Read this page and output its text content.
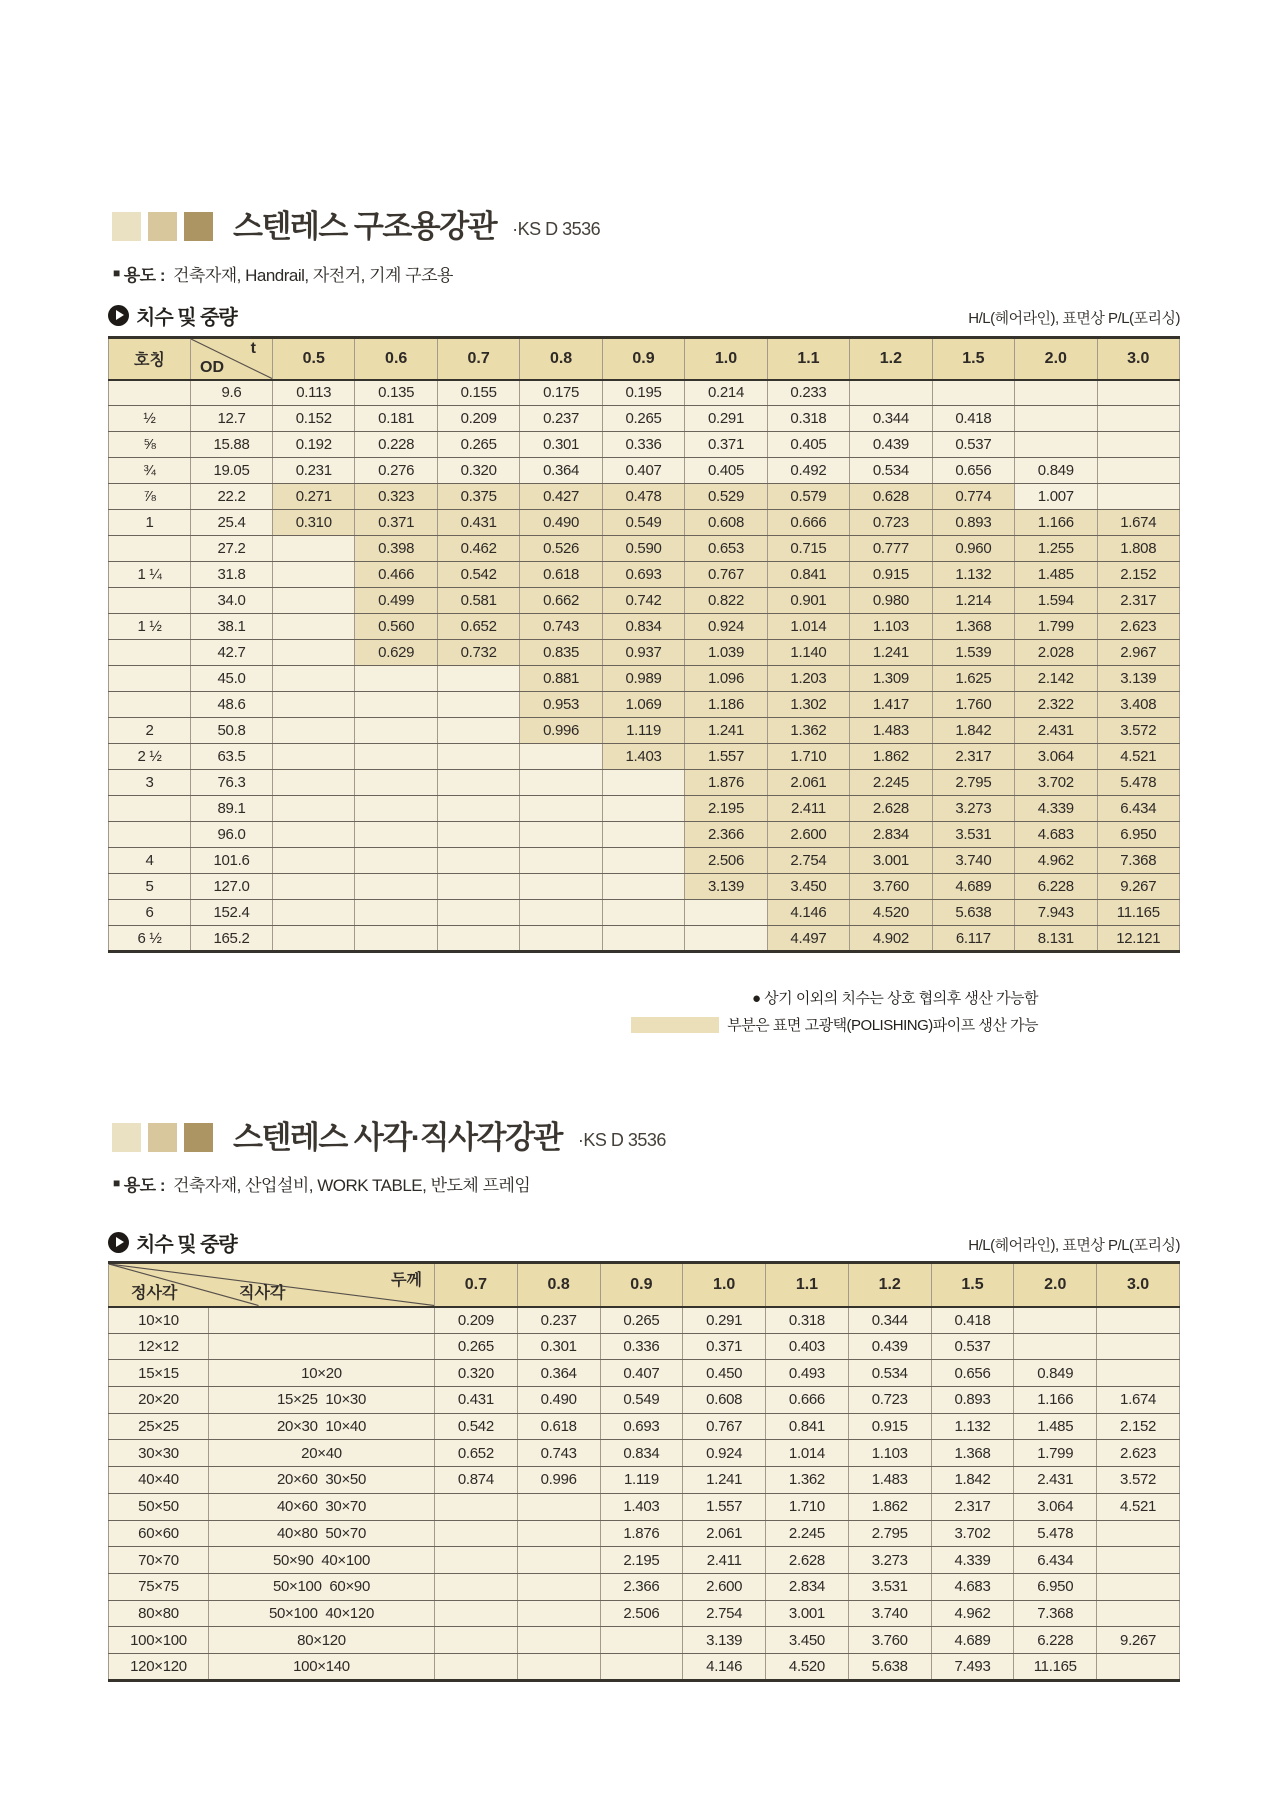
스텐레스 구조용강관 ·KS D 3536
■ 용도 : 건축자재, Handrail, 자전거, 기계 구조용
치수 및 중량	H/L(헤어라인), 표면상 P/L(포리싱)
호칭	t
OD	0.5	0.6	0.7	0.8	0.9	1.0	1.1	1.2	1.5	2.0	3.0
	9.6	0.113	0.135	0.155	0.175	0.195	0.214	0.233				
½	12.7	0.152	0.181	0.209	0.237	0.265	0.291	0.318	0.344	0.418		
⅝	15.88	0.192	0.228	0.265	0.301	0.336	0.371	0.405	0.439	0.537		
¾	19.05	0.231	0.276	0.320	0.364	0.407	0.405	0.492	0.534	0.656	0.849	
⅞	22.2	0.271	0.323	0.375	0.427	0.478	0.529	0.579	0.628	0.774	1.007	
1	25.4	0.310	0.371	0.431	0.490	0.549	0.608	0.666	0.723	0.893	1.166	1.674
	27.2		0.398	0.462	0.526	0.590	0.653	0.715	0.777	0.960	1.255	1.808
1 ¼	31.8		0.466	0.542	0.618	0.693	0.767	0.841	0.915	1.132	1.485	2.152
	34.0		0.499	0.581	0.662	0.742	0.822	0.901	0.980	1.214	1.594	2.317
1 ½	38.1		0.560	0.652	0.743	0.834	0.924	1.014	1.103	1.368	1.799	2.623
	42.7		0.629	0.732	0.835	0.937	1.039	1.140	1.241	1.539	2.028	2.967
	45.0				0.881	0.989	1.096	1.203	1.309	1.625	2.142	3.139
	48.6				0.953	1.069	1.186	1.302	1.417	1.760	2.322	3.408
2	50.8				0.996	1.119	1.241	1.362	1.483	1.842	2.431	3.572
2 ½	63.5					1.403	1.557	1.710	1.862	2.317	3.064	4.521
3	76.3						1.876	2.061	2.245	2.795	3.702	5.478
	89.1						2.195	2.411	2.628	3.273	4.339	6.434
	96.0						2.366	2.600	2.834	3.531	4.683	6.950
4	101.6						2.506	2.754	3.001	3.740	4.962	7.368
5	127.0						3.139	3.450	3.760	4.689	6.228	9.267
6	152.4							4.146	4.520	5.638	7.943	11.165
6 ½	165.2							4.497	4.902	6.117	8.131	12.121
● 상기 이외의 치수는 상호 협의후 생산 가능함
부분은 표면 고광택(POLISHING)파이프 생산 가능
스텐레스 사각·직사각강관 ·KS D 3536
■ 용도 : 건축자재, 산업설비, WORK TABLE, 반도체 프레임
치수 및 중량	H/L(헤어라인), 표면상 P/L(포리싱)
정사각 직사각
두께		0.7	0.8	0.9	1.0	1.1	1.2	1.5	2.0	3.0
10×10		0.209	0.237	0.265	0.291	0.318	0.344	0.418		
12×12		0.265	0.301	0.336	0.371	0.403	0.439	0.537		
15×15	10×20	0.320	0.364	0.407	0.450	0.493	0.534	0.656	0.849	
20×20	15×25  10×30	0.431	0.490	0.549	0.608	0.666	0.723	0.893	1.166	1.674
25×25	20×30  10×40	0.542	0.618	0.693	0.767	0.841	0.915	1.132	1.485	2.152
30×30	20×40	0.652	0.743	0.834	0.924	1.014	1.103	1.368	1.799	2.623
40×40	20×60  30×50	0.874	0.996	1.119	1.241	1.362	1.483	1.842	2.431	3.572
50×50	40×60  30×70			1.403	1.557	1.710	1.862	2.317	3.064	4.521
60×60	40×80  50×70			1.876	2.061	2.245	2.795	3.702	5.478	
70×70	50×90  40×100			2.195	2.411	2.628	3.273	4.339	6.434	
75×75	50×100  60×90			2.366	2.600	2.834	3.531	4.683	6.950	
80×80	50×100  40×120			2.506	2.754	3.001	3.740	4.962	7.368	
100×100	80×120				3.139	3.450	3.760	4.689	6.228	9.267
120×120	100×140				4.146	4.520	5.638	7.493	11.165	
